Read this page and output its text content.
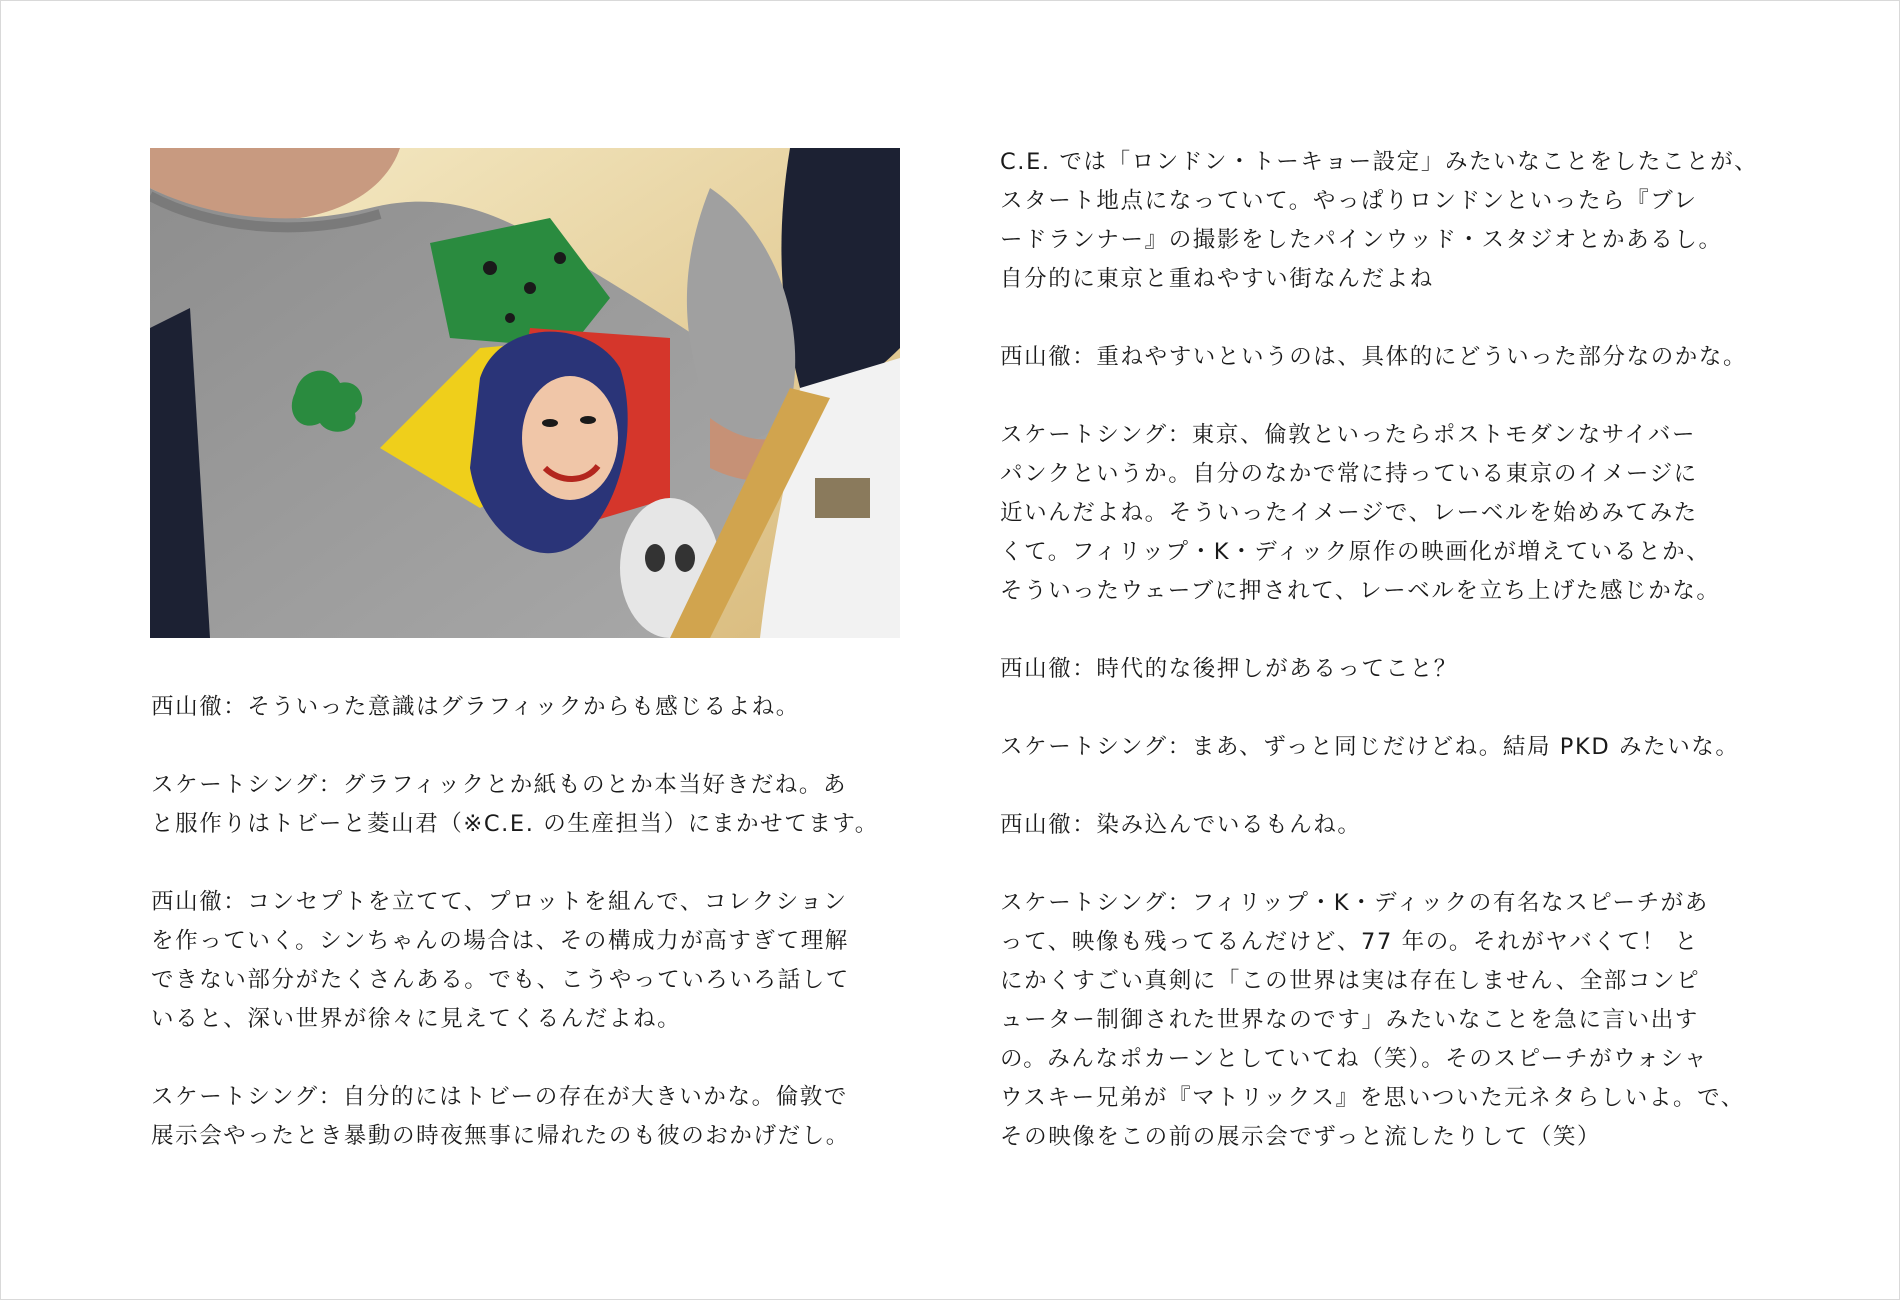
西山徹：そういった意識はグラフィックからも感じるよね。

スケートシング：グラフィックとか紙ものとか本当好きだね。あ
と服作りはトビーと菱山君（※C.E. の生産担当）にまかせてます。

西山徹：コンセプトを立てて、プロットを組んで、コレクション
を作っていく。シンちゃんの場合は、その構成力が高すぎて理解
できない部分がたくさんある。でも、こうやっていろいろ話して
いると、深い世界が徐々に見えてくるんだよね。

スケートシング：自分的にはトビーの存在が大きいかな。倫敦で
展示会やったとき暴動の時夜無事に帰れたのも彼のおかげだし。

C.E. では「ロンドン・トーキョー設定」みたいなことをしたことが、
スタート地点になっていて。やっぱりロンドンといったら『ブレ
ードランナー』の撮影をしたパインウッド・スタジオとかあるし。
自分的に東京と重ねやすい街なんだよね

西山徹：重ねやすいというのは、具体的にどういった部分なのかな。

スケートシング：東京、倫敦といったらポストモダンなサイバー
パンクというか。自分のなかで常に持っている東京のイメージに
近いんだよね。そういったイメージで、レーベルを始めみてみた
くて。フィリップ・K・ディック原作の映画化が増えているとか、
そういったウェーブに押されて、レーベルを立ち上げた感じかな。

西山徹：時代的な後押しがあるってこと？

スケートシング：まあ、ずっと同じだけどね。結局 PKD みたいな。

西山徹：染み込んでいるもんね。

スケートシング：フィリップ・K・ディックの有名なスピーチがあ
って、映像も残ってるんだけど、77 年の。それがヤバくて！ と
にかくすごい真剣に「この世界は実は存在しません、全部コンピ
ューター制御された世界なのです」みたいなことを急に言い出す
の。みんなポカーンとしていてね（笑）。そのスピーチがウォシャ
ウスキー兄弟が『マトリックス』を思いついた元ネタらしいよ。で、
その映像をこの前の展示会でずっと流したりして（笑）
